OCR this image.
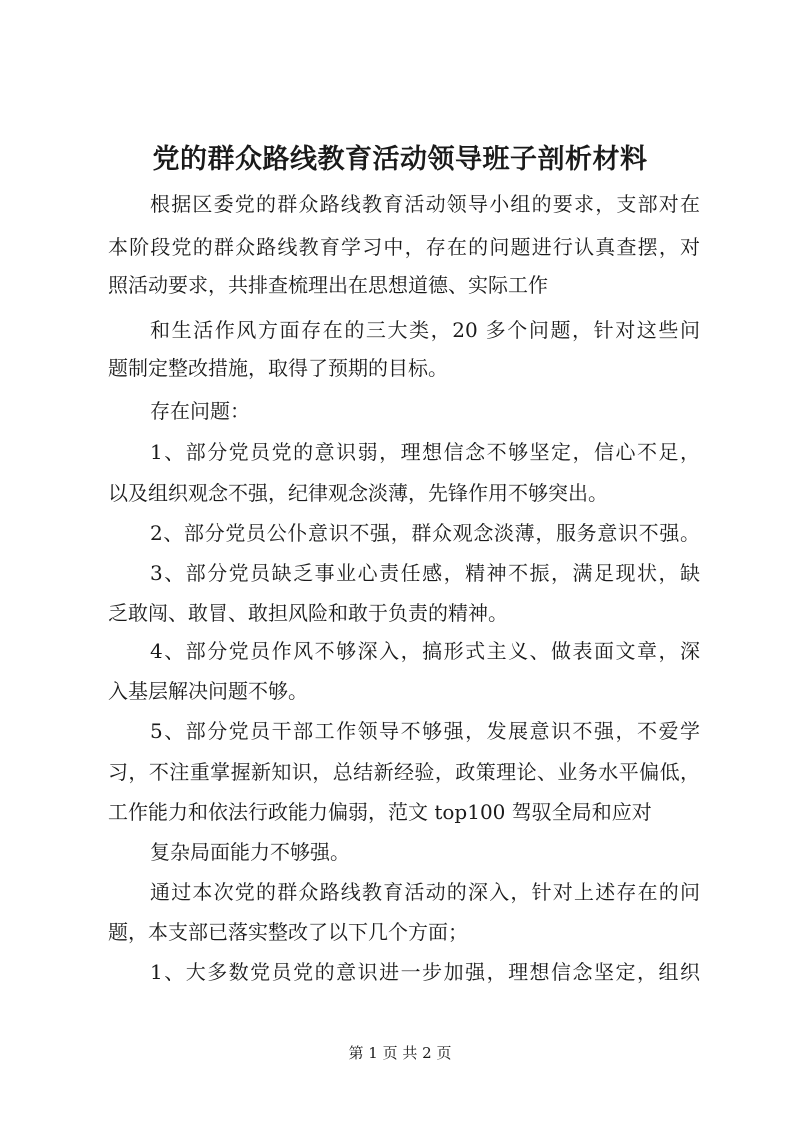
党的群众路线教育活动领导班子剖析材料
根据区委党的群众路线教育活动领导小组的要求，支部对在
本阶段党的群众路线教育学习中，存在的问题进行认真查摆，对
照活动要求，共排查梳理出在思想道德、实际工作
和生活作风方面存在的三大类，20 多个问题，针对这些问
题制定整改措施，取得了预期的目标。
存在问题：
1、部分党员党的意识弱，理想信念不够坚定，信心不足，
以及组织观念不强，纪律观念淡薄，先锋作用不够突出。
2、部分党员公仆意识不强，群众观念淡薄，服务意识不强。
3、部分党员缺乏事业心责任感，精神不振，满足现状，缺
乏敢闯、敢冒、敢担风险和敢于负责的精神。
4、部分党员作风不够深入，搞形式主义、做表面文章，深
入基层解决问题不够。
5、部分党员干部工作领导不够强，发展意识不强，不爱学
习，不注重掌握新知识，总结新经验，政策理论、业务水平偏低，
工作能力和依法行政能力偏弱，范文 top100 驾驭全局和应对
复杂局面能力不够强。
通过本次党的群众路线教育活动的深入，针对上述存在的问
题，本支部已落实整改了以下几个方面；
1、大多数党员党的意识进一步加强，理想信念坚定，组织
第 1 页 共 2 页
